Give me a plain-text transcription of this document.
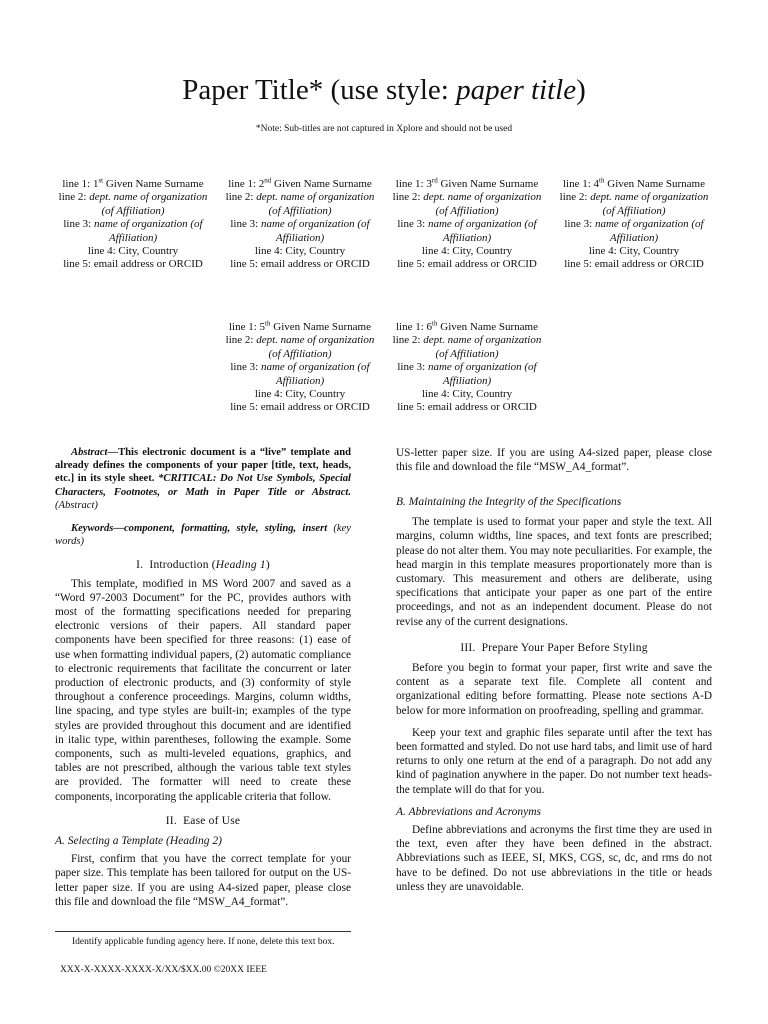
Paper Title* (use style: paper title)
*Note: Sub-titles are not captured in Xplore and should not be used
line 1: 1st Given Name Surname
line 2: dept. name of organization (of Affiliation)
line 3: name of organization (of Affiliation)
line 4: City, Country
line 5: email address or ORCID
line 1: 2nd Given Name Surname
line 2: dept. name of organization (of Affiliation)
line 3: name of organization (of Affiliation)
line 4: City, Country
line 5: email address or ORCID
line 1: 3rd Given Name Surname
line 2: dept. name of organization (of Affiliation)
line 3: name of organization (of Affiliation)
line 4: City, Country
line 5: email address or ORCID
line 1: 4th Given Name Surname
line 2: dept. name of organization (of Affiliation)
line 3: name of organization (of Affiliation)
line 4: City, Country
line 5: email address or ORCID
line 1: 5th Given Name Surname
line 2: dept. name of organization (of Affiliation)
line 3: name of organization (of Affiliation)
line 4: City, Country
line 5: email address or ORCID
line 1: 6th Given Name Surname
line 2: dept. name of organization (of Affiliation)
line 3: name of organization (of Affiliation)
line 4: City, Country
line 5: email address or ORCID

Abstract—This electronic document is a “live” template and already defines the components of your paper [title, text, heads, etc.] in its style sheet. *CRITICAL: Do Not Use Symbols, Special Characters, Footnotes, or Math in Paper Title or Abstract. (Abstract)

Keywords—component, formatting, style, styling, insert (key words)

I. Introduction (Heading 1)

This template, modified in MS Word 2007 and saved as a “Word 97-2003 Document” for the PC, provides authors with most of the formatting specifications needed for preparing electronic versions of their papers. All standard paper components have been specified for three reasons: (1) ease of use when formatting individual papers, (2) automatic compliance to electronic requirements that facilitate the concurrent or later production of electronic products, and (3) conformity of style throughout a conference proceedings. Margins, column widths, line spacing, and type styles are built-in; examples of the type styles are provided throughout this document and are identified in italic type, within parentheses, following the example. Some components, such as multi-leveled equations, graphics, and tables are not prescribed, although the various table text styles are provided. The formatter will need to create these components, incorporating the applicable criteria that follow.

II. Ease of Use

A. Selecting a Template (Heading 2)

First, confirm that you have the correct template for your paper size. This template has been tailored for output on the US-letter paper size. If you are using A4-sized paper, please close this file and download the file “MSW_A4_format”.

US-letter paper size. If you are using A4-sized paper, please close this file and download the file “MSW_A4_format”.

B. Maintaining the Integrity of the Specifications

The template is used to format your paper and style the text. All margins, column widths, line spaces, and text fonts are prescribed; please do not alter them. You may note peculiarities. For example, the head margin in this template measures proportionately more than is customary. This measurement and others are deliberate, using specifications that anticipate your paper as one part of the entire proceedings, and not as an independent document. Please do not revise any of the current designations.

III. Prepare Your Paper Before Styling

Before you begin to format your paper, first write and save the content as a separate text file. Complete all content and organizational editing before formatting. Please note sections A-D below for more information on proofreading, spelling and grammar.

Keep your text and graphic files separate until after the text has been formatted and styled. Do not use hard tabs, and limit use of hard returns to only one return at the end of a paragraph. Do not add any kind of pagination anywhere in the paper. Do not number text heads-the template will do that for you.

A. Abbreviations and Acronyms

Define abbreviations and acronyms the first time they are used in the text, even after they have been defined in the abstract. Abbreviations such as IEEE, SI, MKS, CGS, sc, dc, and rms do not have to be defined. Do not use abbreviations in the title or heads unless they are unavoidable.

Identify applicable funding agency here. If none, delete this text box.
XXX-X-XXXX-XXXX-X/XX/$XX.00 ©20XX IEEE
